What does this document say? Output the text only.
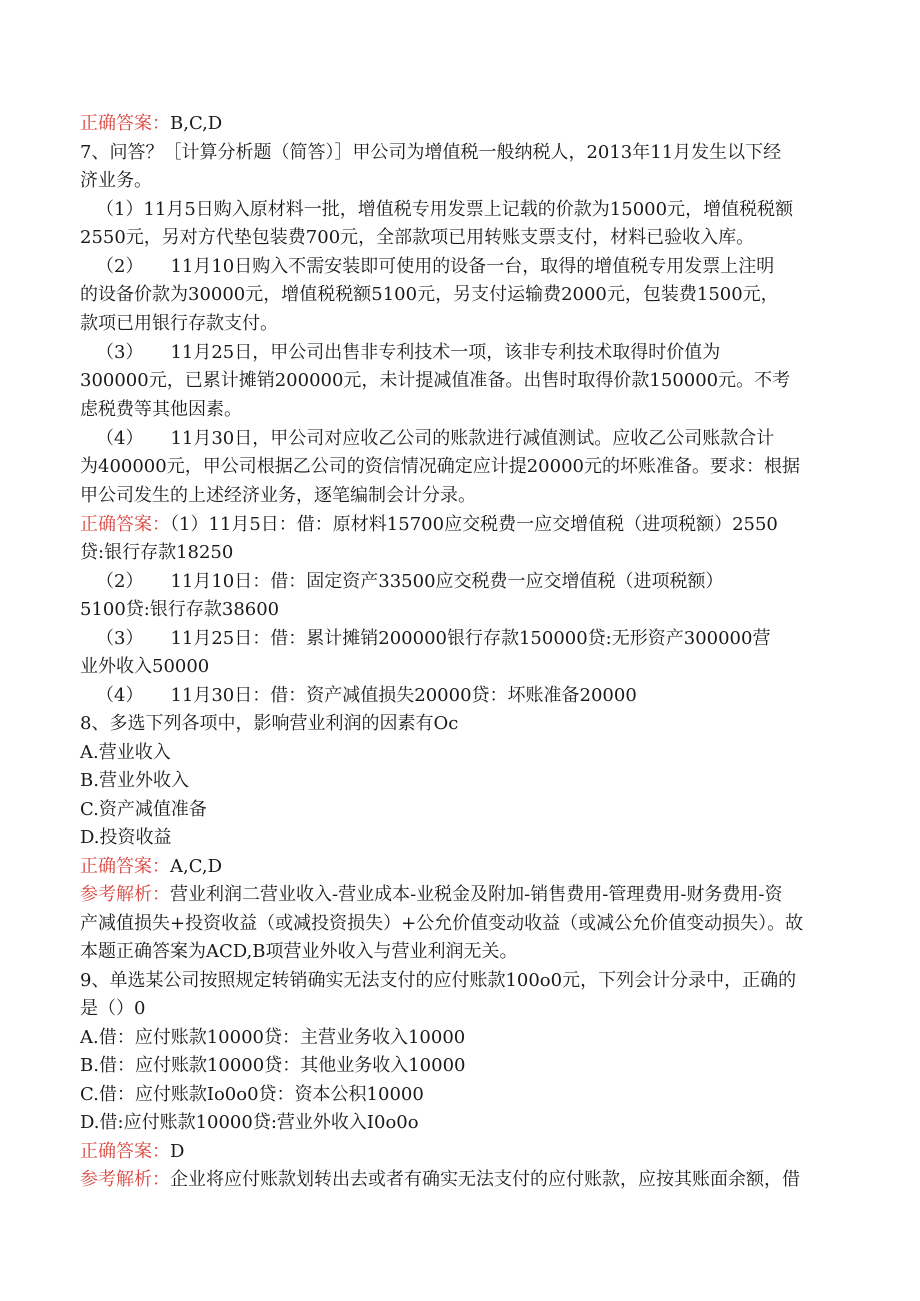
正确答案：B,C,D
7、问答？［计算分析题（简答）］甲公司为增值税一般纳税人，2013年11月发生以下经
济业务。
（1）11月5日购入原材料一批，增值税专用发票上记载的价款为15000元，增值税税额
2550元，另对方代垫包装费700元，全部款项已用转账支票支付，材料已验收入库。
（2）　　11月10日购入不需安装即可使用的设备一台，取得的增值税专用发票上注明
的设备价款为30000元，增值税税额5100元，另支付运输费2000元，包装费1500元，
款项已用银行存款支付。
（3）　　11月25日，甲公司出售非专利技术一项，该非专利技术取得时价值为
300000元，已累计摊销200000元，未计提减值准备。出售时取得价款150000元。不考
虑税费等其他因素。
（4）　　11月30日，甲公司对应收乙公司的账款进行减值测试。应收乙公司账款合计
为400000元，甲公司根据乙公司的资信情况确定应计提20000元的坏账准备。要求：根据
甲公司发生的上述经济业务，逐笔编制会计分录。
正确答案：（1）11月5日：借：原材料15700应交税费一应交增值税（进项税额）2550
贷:银行存款18250
（2）　　11月10日：借：固定资产33500应交税费一应交增值税（进项税额）
5100贷:银行存款38600
（3）　　11月25日：借：累计摊销200000银行存款150000贷:无形资产300000营
业外收入50000
（4）　　11月30日：借：资产减值损失20000贷：坏账准备20000
8、多选下列各项中，影响营业利润的因素有Oc
A.营业收入
B.营业外收入
C.资产减值准备
D.投资收益
正确答案：A,C,D
参考解析：营业利润二营业收入-营业成本-业税金及附加-销售费用-管理费用-财务费用-资
产减值损失+投资收益（或减投资损失）+公允价值变动收益（或减公允价值变动损失）。故
本题正确答案为ACD,B项营业外收入与营业利润无关。
9、单选某公司按照规定转销确实无法支付的应付账款100o0元，下列会计分录中，正确的
是（）0
A.借：应付账款10000贷：主营业务收入10000
B.借：应付账款10000贷：其他业务收入10000
C.借：应付账款Io0o0贷：资本公积10000
D.借:应付账款10000贷:营业外收入I0o0o
正确答案：D
参考解析：企业将应付账款划转出去或者有确实无法支付的应付账款，应按其账面余额，借
